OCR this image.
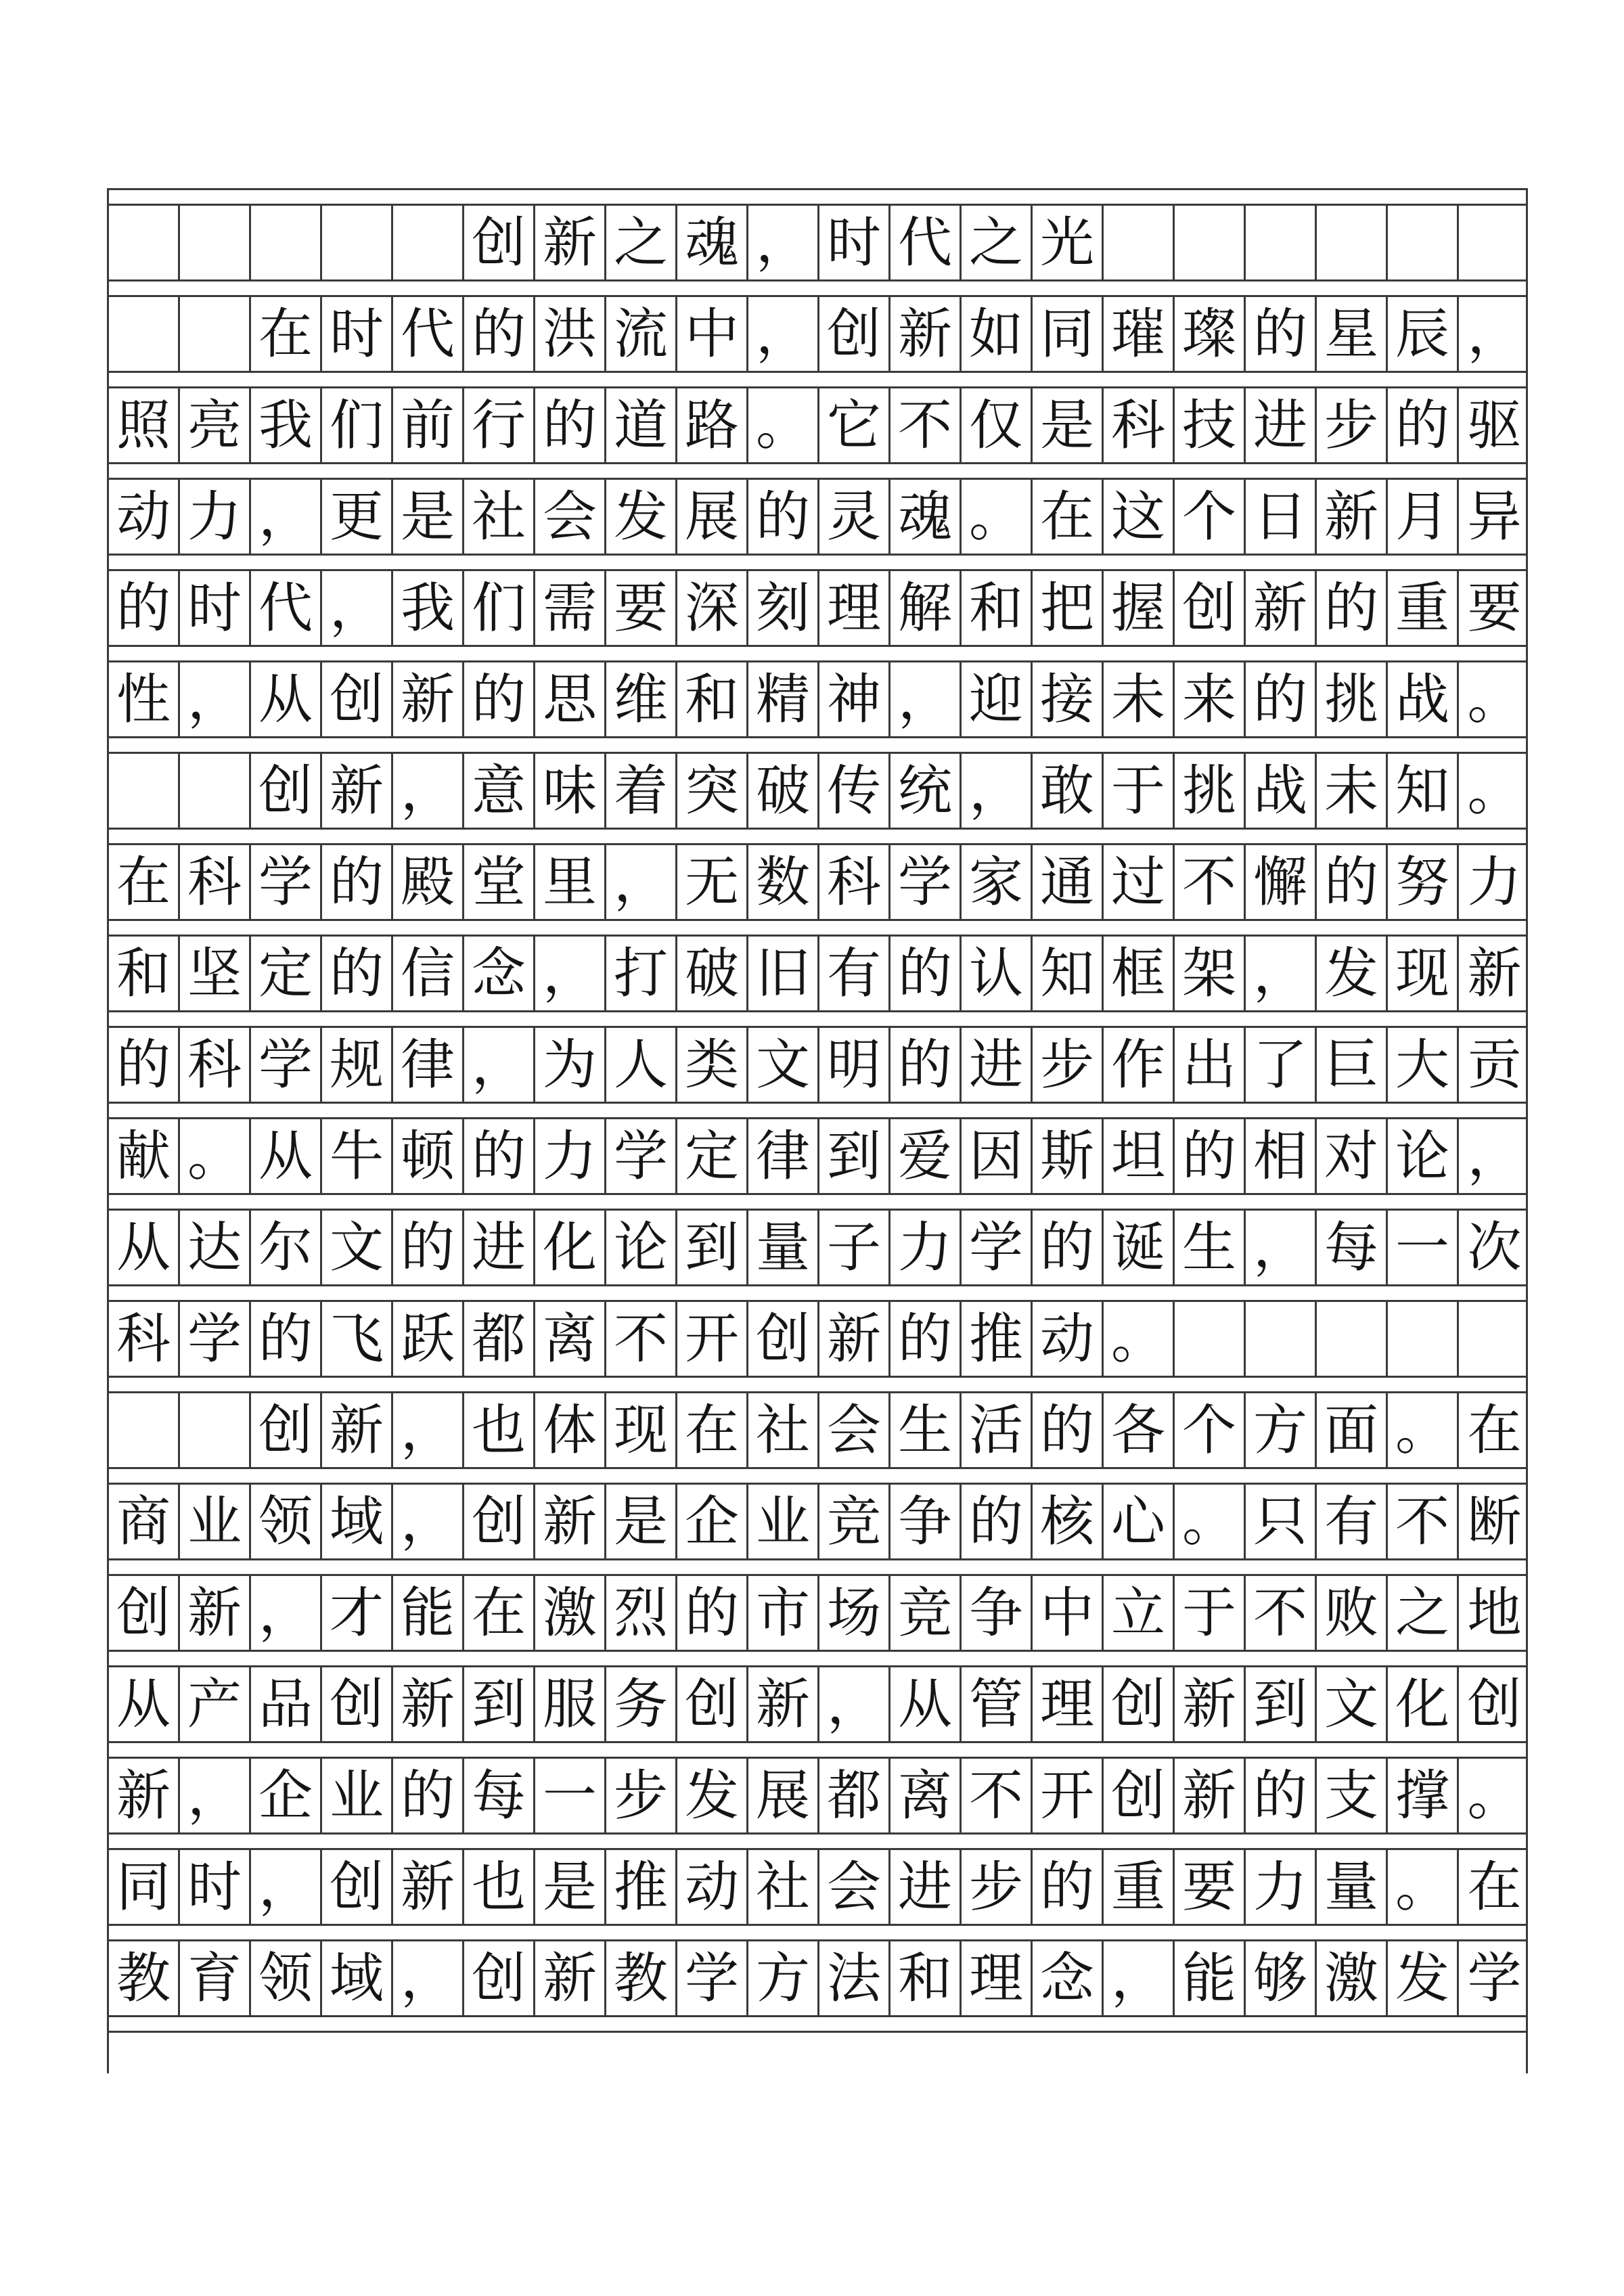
创 新 之 魂 ， 时 代 之 光
在 时 代 的 洪 流 中 ， 创 新 如 同 璀 璨 的 星 辰 ，
照 亮 我 们 前 行 的 道 路 。 它 不 仅 是 科 技 进 步 的 驱
动 力 ， 更 是 社 会 发 展 的 灵 魂 。 在 这 个 日 新 月 异
的 时 代 ， 我 们 需 要 深 刻 理 解 和 把 握 创 新 的 重 要
性 ， 从 创 新 的 思 维 和 精 神 ， 迎 接 未 来 的 挑 战 。
创 新 ， 意 味 着 突 破 传 统 ， 敢 于 挑 战 未 知 。
在 科 学 的 殿 堂 里 ， 无 数 科 学 家 通 过 不 懈 的 努 力
和 坚 定 的 信 念 ， 打 破 旧 有 的 认 知 框 架 ， 发 现 新
的 科 学 规 律 ， 为 人 类 文 明 的 进 步 作 出 了 巨 大 贡
献 。 从 牛 顿 的 力 学 定 律 到 爱 因 斯 坦 的 相 对 论 ，
从 达 尔 文 的 进 化 论 到 量 子 力 学 的 诞 生 ， 每 一 次
科 学 的 飞 跃 都 离 不 开 创 新 的 推 动 。
创 新 ， 也 体 现 在 社 会 生 活 的 各 个 方 面 。 在
商 业 领 域 ， 创 新 是 企 业 竞 争 的 核 心 。 只 有 不 断
创 新 ， 才 能 在 激 烈 的 市 场 竞 争 中 立 于 不 败 之 地
从 产 品 创 新 到 服 务 创 新 ， 从 管 理 创 新 到 文 化 创
新 ， 企 业 的 每 一 步 发 展 都 离 不 开 创 新 的 支 撑 。
同 时 ， 创 新 也 是 推 动 社 会 进 步 的 重 要 力 量 。 在
教 育 领 域 ， 创 新 教 学 方 法 和 理 念 ， 能 够 激 发 学
